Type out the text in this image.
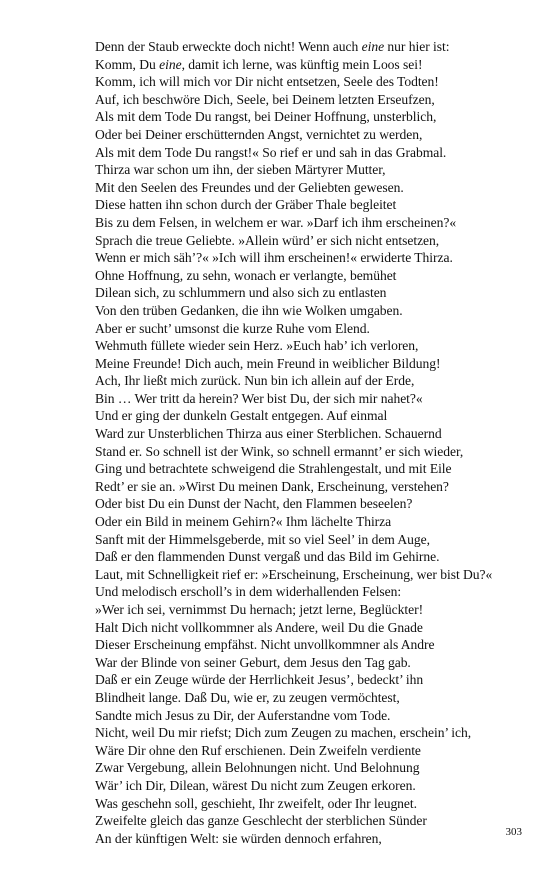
Denn der Staub erweckte doch nicht! Wenn auch eine nur hier ist:
Komm, Du eine, damit ich lerne, was künftig mein Loos sei!
Komm, ich will mich vor Dir nicht entsetzen, Seele des Todten!
Auf, ich beschwöre Dich, Seele, bei Deinem letzten Erseufzen,
Als mit dem Tode Du rangst, bei Deiner Hoffnung, unsterblich,
Oder bei Deiner erschütternden Angst, vernichtet zu werden,
Als mit dem Tode Du rangst!« So rief er und sah in das Grabmal.
Thirza war schon um ihn, der sieben Märtyrer Mutter,
Mit den Seelen des Freundes und der Geliebten gewesen.
Diese hatten ihn schon durch der Gräber Thale begleitet
Bis zu dem Felsen, in welchem er war. »Darf ich ihm erscheinen?«
Sprach die treue Geliebte. »Allein würd’ er sich nicht entsetzen,
Wenn er mich säh’?« »Ich will ihm erscheinen!« erwiderte Thirza.
Ohne Hoffnung, zu sehn, wonach er verlangte, bemühet
Dilean sich, zu schlummern und also sich zu entlasten
Von den trüben Gedanken, die ihn wie Wolken umgaben.
Aber er sucht’ umsonst die kurze Ruhe vom Elend.
Wehmuth füllete wieder sein Herz. »Euch hab’ ich verloren,
Meine Freunde! Dich auch, mein Freund in weiblicher Bildung!
Ach, Ihr ließt mich zurück. Nun bin ich allein auf der Erde,
Bin … Wer tritt da herein? Wer bist Du, der sich mir nahet?«
Und er ging der dunkeln Gestalt entgegen. Auf einmal
Ward zur Unsterblichen Thirza aus einer Sterblichen. Schauernd
Stand er. So schnell ist der Wink, so schnell ermannt’ er sich wieder,
Ging und betrachtete schweigend die Strahlengestalt, und mit Eile
Redt’ er sie an. »Wirst Du meinen Dank, Erscheinung, verstehen?
Oder bist Du ein Dunst der Nacht, den Flammen beseelen?
Oder ein Bild in meinem Gehirn?« Ihm lächelte Thirza
Sanft mit der Himmelsgeberde, mit so viel Seel’ in dem Auge,
Daß er den flammenden Dunst vergaß und das Bild im Gehirne.
Laut, mit Schnelligkeit rief er: »Erscheinung, Erscheinung, wer bist Du?«
Und melodisch erscholl’s in dem widerhallenden Felsen:
»Wer ich sei, vernimmst Du hernach; jetzt lerne, Beglückter!
Halt Dich nicht vollkommner als Andere, weil Du die Gnade
Dieser Erscheinung empfähst. Nicht unvollkommner als Andre
War der Blinde von seiner Geburt, dem Jesus den Tag gab.
Daß er ein Zeuge würde der Herrlichkeit Jesus’, bedeckt’ ihn
Blindheit lange. Daß Du, wie er, zu zeugen vermöchtest,
Sandte mich Jesus zu Dir, der Auferstandne vom Tode.
Nicht, weil Du mir riefst; Dich zum Zeugen zu machen, erschein’ ich,
Wäre Dir ohne den Ruf erschienen. Dein Zweifeln verdiente
Zwar Vergebung, allein Belohnungen nicht. Und Belohnung
Wär’ ich Dir, Dilean, wärest Du nicht zum Zeugen erkoren.
Was geschehn soll, geschieht, Ihr zweifelt, oder Ihr leugnet.
Zweifelte gleich das ganze Geschlecht der sterblichen Sünder
An der künftigen Welt: sie würden dennoch erfahren,	303
